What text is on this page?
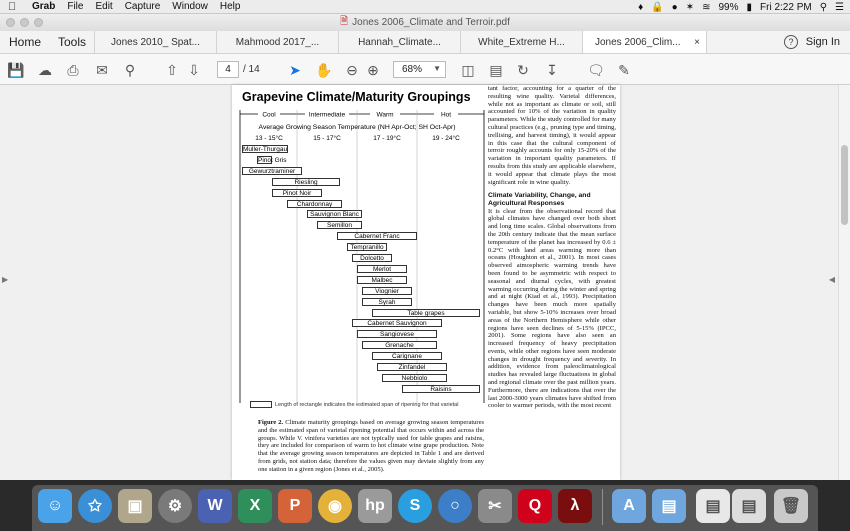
Grab File Edit Capture Window Help	♦ 🔒 ● ✶ ≋ 99% ▮ Fri 2:22 PM ⚲ ☰
🗎 Jones 2006_Climate and Terroir.pdf
Home	Tools	Jones 2010_ Spat...	Mahmood 2017_...	Hannah_Climate...	White_Extreme H...	Jones 2006_Clim... ×	?	Sign In
💾 ☁ ⎙ ✉ ⚲ ⇧ ⇩	4	/ 14 ➤ ✋ ⊖ ⊕	68% ▼ ◫ ▤ ↻ ↧ 🗨 ✎
▶	◀
Grapevine Climate/Maturity Groupings
Cool	Intermediate	Warm	Hot
Average Growing Season Temperature (NH Apr-Oct; SH Oct-Apr)
13 - 15°C	15 - 17°C	17 - 19°C	19 - 24°C
Muller-Thurgau
Pinot Gris
Gewurztraminer
Riesling
Pinot Noir
Chardonnay
Sauvignon Blanc
Semillon
Cabernet Franc
Tempranillo
Dolcetto
Merlot
Malbec
Viognier
Syrah
Table grapes
Cabernet Sauvignon
Sangiovese
Grenache
Carignane
Zinfandel
Nebbiolo
Raisins
Length of rectangle indicates the estimated span of ripening for that varietal
Figure 2. Climate maturity groupings based on average growing season temperatures and the estimated span of varietal ripening potential that occurs within and across the groups. While V. vinifera varieties are not typically used for table grapes and raisins, they are included for comparison of warm to hot climate wine grape production. Note that the average growing season temperatures are depicted in Table 1 and are derived from grids, not station data; therefore the values given may deviate slightly from any one station in a given region (Jones et al., 2005).

tant factor, accounting for a quarter of the resulting wine quality. Varietal differences, while not as important as climate or soil, still accounted for 10% of the variation in quality parameters. While the study controlled for many cultural practices (e.g., pruning type and timing, trellising, and harvest timing), it would appear in this case that the cultural component of terroir roughly accounts for only 15-20% of the variation in important quality parameters. If results from this study are applicable elsewhere, it would appear that climate plays the most significant role in wine quality.

Climate Variability, Change, and Agricultural Responses

It is clear from the observational record that global climates have changed over both short and long time scales. Global observations from the 20th century indicate that the mean surface temperature of the planet has increased by 0.6 ± 0.2°C with land areas warming more than oceans (Houghton et al., 2001). In most cases observed atmospheric warming trends have been found to be asymmetric with respect to seasonal and diurnal cycles, with greatest warming occurring during the winter and spring and at night (Kiad et al., 1993). Precipitation changes have been much more spatially variable, but show 5-10% increases over broad areas of the Northern Hemisphere while other regions have seen declines of 5-15% (IPCC, 2001). Some regions have also seen an increased frequency of heavy precipitation events, while other regions have seen moderate changes in drought frequency and severity. In addition, evidence from paleoclimatological studies has revealed large fluctuations in global and regional climate over the past million years. Furthermore, there are indications that over the last 2000-3000 years climates have shifted from cooler to warmer periods, with the most recent

☺	✩	▣	⚙	W	X	P	◉	hp	S	○	✂	Q	λ	A	▤	▤	▤	🗑
